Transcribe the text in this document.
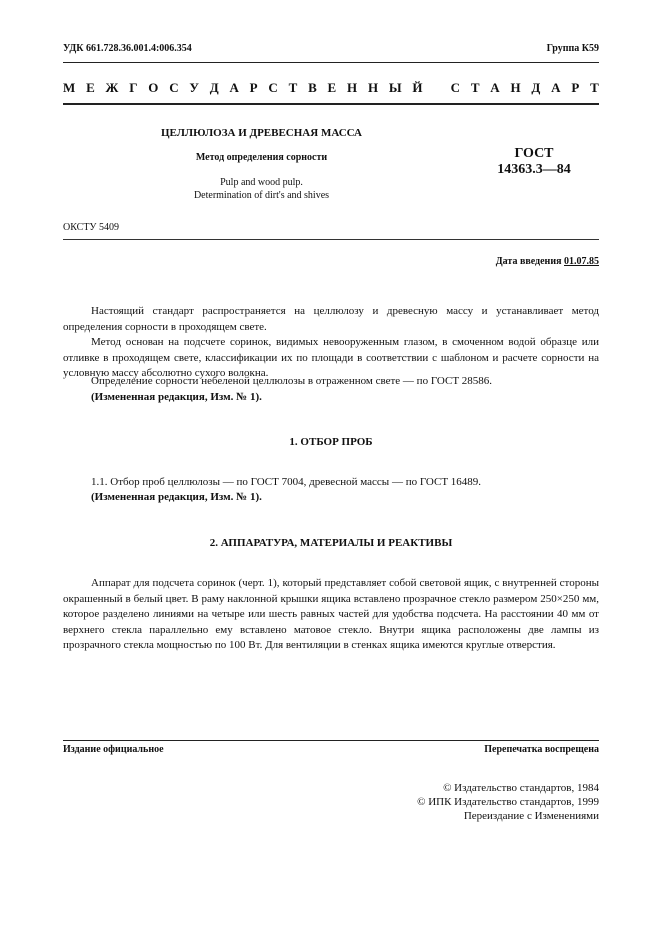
УДК 661.728.36.001.4:006.354	Группа К59
М Е Ж Г О С У Д А Р С Т В Е Н Н Ы Й
С Т А Н Д А Р Т
ЦЕЛЛЮЛОЗА И ДРЕВЕСНАЯ МАССА
Метод определения сорности
Pulp and wood pulp.
Determination of dirt's and shives
ГОСТ
14363.3—84
ОКСТУ 5409
Дата введения 01.07.85
Настоящий стандарт распространяется на целлюлозу и древесную массу и устанавливает метод определения сорности в проходящем свете.
Метод основан на подсчете соринок, видимых невооруженным глазом, в смоченном водой образце или отливке в проходящем свете, классификации их по площади в соответствии с шаблоном и расчете сорности на условную массу абсолютно сухого волокна.
Определение сорности небеленой целлюлозы в отраженном свете — по ГОСТ 28586.
(Измененная редакция, Изм. № 1).
1. ОТБОР ПРОБ
1.1. Отбор проб целлюлозы — по ГОСТ 7004, древесной массы — по ГОСТ 16489.
(Измененная редакция, Изм. № 1).
2. АППАРАТУРА, МАТЕРИАЛЫ И РЕАКТИВЫ
Аппарат для подсчета соринок (черт. 1), который представляет собой световой ящик, с внутренней стороны окрашенный в белый цвет. В раму наклонной крышки ящика вставлено прозрачное стекло размером 250×250 мм, которое разделено линиями на четыре или шесть равных частей для удобства подсчета. На расстоянии 40 мм от верхнего стекла параллельно ему вставлено матовое стекло. Внутри ящика расположены две лампы из прозрачного стекла мощностью по 100 Вт. Для вентиляции в стенках ящика имеются круглые отверстия.
Издание официальное	Перепечатка воспрещена
© Издательство стандартов, 1984
© ИПК Издательство стандартов, 1999
Переиздание с Изменениями
